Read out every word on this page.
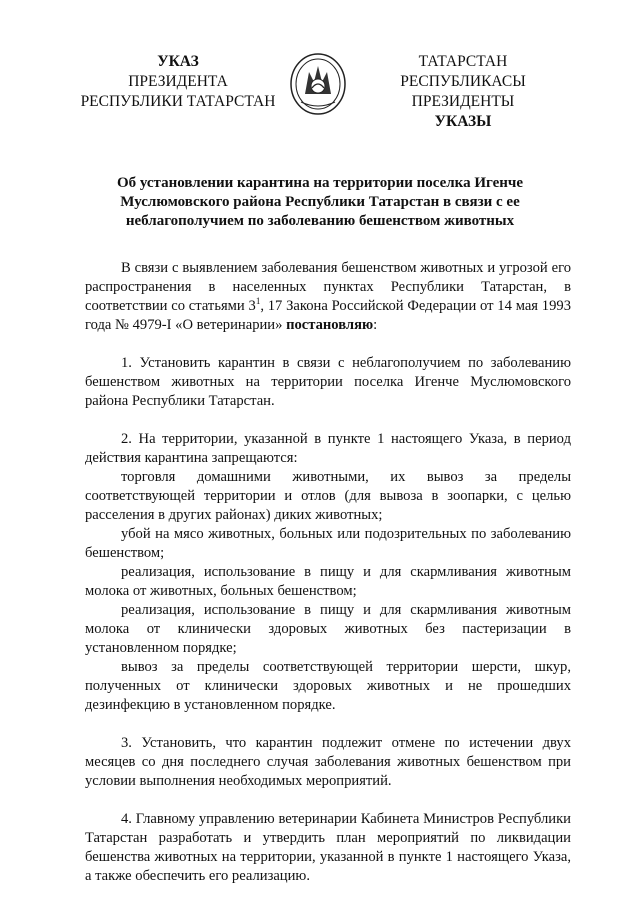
УКАЗ
ПРЕЗИДЕНТА
РЕСПУБЛИКИ ТАТАРСТАН
ТАТАРСТАН РЕСПУБЛИКАСЫ
ПРЕЗИДЕНТЫ
УКАЗЫ
Об установлении карантина на территории поселка Игенче
Муслюмовского района Республики Татарстан в связи с ее
неблагополучием по заболеванию бешенством животных

В связи с выявлением заболевания бешенством животных и угрозой его распространения в населенных пунктах Республики Татарстан, в соответствии со статьями $3^1$, 17 Закона Российской Федерации от 14 мая 1993 года № 4979-I «О ветеринарии» постановляю:

1. Установить карантин в связи с неблагополучием по заболеванию бешенством животных на территории поселка Игенче Муслюмовского района Республики Татарстан.

2. На территории, указанной в пункте 1 настоящего Указа, в период действия карантина запрещаются:

торговля домашними животными, их вывоз за пределы соответствующей территории и отлов (для вывоза в зоопарки, с целью расселения в других районах) диких животных;

убой на мясо животных, больных или подозрительных по заболеванию бешенством;

реализация, использование в пищу и для скармливания животным молока от животных, больных бешенством;

реализация, использование в пищу и для скармливания животным молока от клинически здоровых животных без пастеризации в установленном порядке;

вывоз за пределы соответствующей территории шерсти, шкур, полученных от клинически здоровых животных и не прошедших дезинфекцию в установленном порядке.

3. Установить, что карантин подлежит отмене по истечении двух месяцев со дня последнего случая заболевания животных бешенством при условии выполнения необходимых мероприятий.

4. Главному управлению ветеринарии Кабинета Министров Республики Татарстан разработать и утвердить план мероприятий по ликвидации бешенства животных на территории, указанной в пункте 1 настоящего Указа, а также обеспечить его реализацию.
